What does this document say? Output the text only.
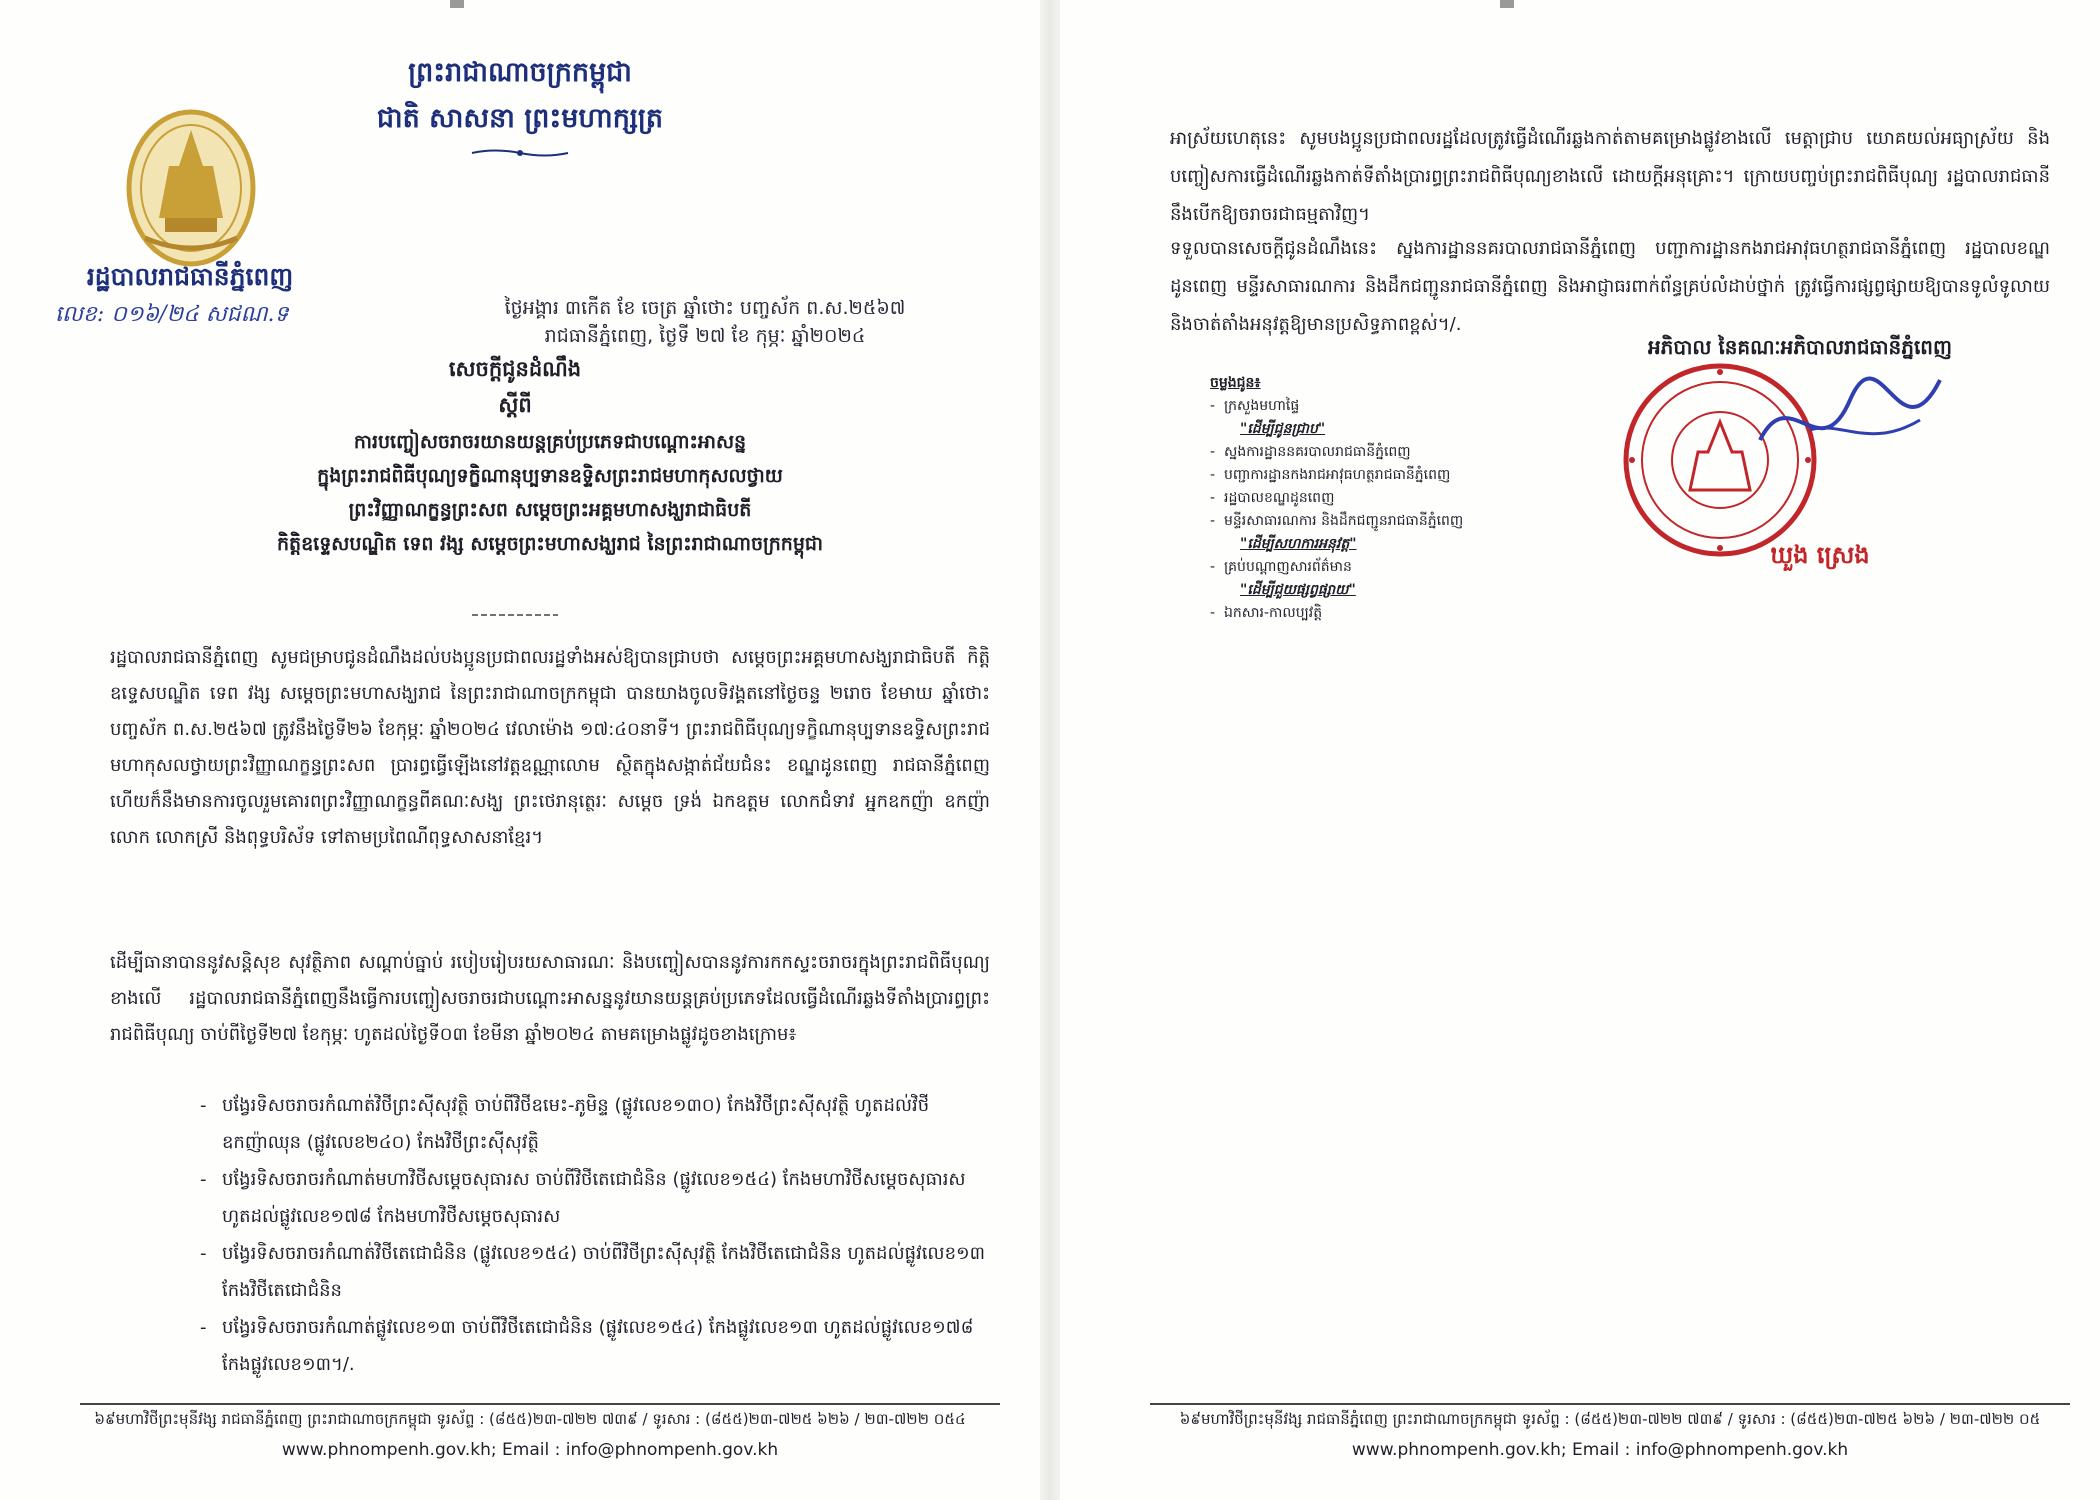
ព្រះរាជាណាចក្រកម្ពុជា
ជាតិ សាសនា ព្រះមហាក្សត្រ
រដ្ឋបាលរាជធានីភ្នំពេញ
លេខ: ០១៦/២៤ សជណ.ទ	ថ្ងៃអង្គារ ៣កើត ខែ ចេត្រ ឆ្នាំថោះ បញ្ចស័ក ព.ស.២៥៦៧
រាជធានីភ្នំពេញ, ថ្ងៃទី ២៧ ខែ កុម្ភៈ ឆ្នាំ២០២៤
សេចក្តីជូនដំណឹង
ស្តីពី
ការបញ្ចៀសចរាចរយានយន្តគ្រប់ប្រភេទជាបណ្តោះអាសន្ន
ក្នុងព្រះរាជពិធីបុណ្យទក្ខិណានុប្បទានឧទ្ទិសព្រះរាជមហាកុសលថ្វាយ
ព្រះវិញ្ញាណក្ខន្ធព្រះសព សម្តេចព្រះអគ្គមហាសង្ឃរាជាធិបតី
កិត្តិឧទ្ទេសបណ្ឌិត ទេព វង្ស សម្តេចព្រះមហាសង្ឃរាជ នៃព្រះរាជាណាចក្រកម្ពុជា
រដ្ឋបាលរាជធានីភ្នំពេញ សូមជម្រាបជូនដំណឹងដល់បងប្អូនប្រជាពលរដ្ឋទាំងអស់ឱ្យបានជ្រាបថា សម្តេចព្រះអគ្គមហាសង្ឃរាជាធិបតី កិត្តិឧទ្ទេសបណ្ឌិត ទេព វង្ស សម្តេចព្រះមហាសង្ឃរាជ នៃព្រះរាជាណាចក្រកម្ពុជា បានយាងចូលទិវង្គតនៅថ្ងៃចន្ទ ២រោច ខែមាឃ ឆ្នាំថោះ បញ្ចស័ក ព.ស.២៥៦៧ ត្រូវនឹងថ្ងៃទី២៦ ខែកុម្ភៈ ឆ្នាំ២០២៤ វេលាម៉ោង ១៧:៤០នាទី។ ព្រះរាជពិធីបុណ្យទក្ខិណានុប្បទានឧទ្ទិសព្រះរាជមហាកុសលថ្វាយព្រះវិញ្ញាណក្ខន្ធព្រះសព ប្រារព្ធធ្វើឡើងនៅវត្តឧណ្ណាលោម ស្ថិតក្នុងសង្កាត់ជ័យជំនះ ខណ្ឌដូនពេញ រាជធានីភ្នំពេញ ហើយក៏នឹងមានការចូលរួមគោរពព្រះវិញ្ញាណក្ខន្ធពីគណៈសង្ឃ ព្រះថេរានុត្ថេរៈ សម្តេច ទ្រង់ ឯកឧត្តម លោកជំទាវ អ្នកឧកញ៉ា ឧកញ៉ា លោក លោកស្រី និងពុទ្ធបរិស័ទ ទៅតាមប្រពៃណីពុទ្ធសាសនាខ្មែរ។
ដើម្បីធានាបាននូវសន្តិសុខ សុវត្ថិភាព សណ្តាប់ធ្នាប់ របៀបរៀបរយសាធារណៈ និងបញ្ចៀសបាននូវការកកស្ទះចរាចរក្នុងព្រះរាជពិធីបុណ្យខាងលើ រដ្ឋបាលរាជធានីភ្នំពេញនឹងធ្វើការបញ្ចៀសចរាចរជាបណ្តោះអាសន្ននូវយានយន្តគ្រប់ប្រភេទដែលធ្វើដំណើរឆ្លងទីតាំងប្រារព្ធព្រះរាជពិធីបុណ្យ ចាប់ពីថ្ងៃទី២៧ ខែកុម្ភៈ ហូតដល់ថ្ងៃទី០៣ ខែមីនា ឆ្នាំ២០២៤ តាមគម្រោងផ្លូវដូចខាងក្រោម៖
- បង្វែរទិសចរាចរកំណាត់វិថីព្រះស៊ីសុវត្ថិ ចាប់ពីវិថីឧមេះ-ភូមិន្ទ (ផ្លូវលេខ១៣០) កែងវិថីព្រះស៊ីសុវត្ថិ ហូតដល់វិថីឧកញ៉ាឈុន (ផ្លូវលេខ២៤០) កែងវិថីព្រះស៊ីសុវត្ថិ
- បង្វែរទិសចរាចរកំណាត់មហាវិថីសម្តេចសុធារស ចាប់ពីវិថីតេជោជំនិន (ផ្លូវលេខ១៥៤) កែងមហាវិថីសម្តេចសុធារស ហូតដល់ផ្លូវលេខ១៧៨ កែងមហាវិថីសម្តេចសុធារស
- បង្វែរទិសចរាចរកំណាត់វិថីតេជោជំនិន (ផ្លូវលេខ១៥៤) ចាប់ពីវិថីព្រះស៊ីសុវត្ថិ កែងវិថីតេជោជំនិន ហូតដល់ផ្លូវលេខ១៣ កែងវិថីតេជោជំនិន
- បង្វែរទិសចរាចរកំណាត់ផ្លូវលេខ១៣ ចាប់ពីវិថីតេជោជំនិន (ផ្លូវលេខ១៥៤) កែងផ្លូវលេខ១៣ ហូតដល់ផ្លូវលេខ១៧៨ កែងផ្លូវលេខ១៣។/.
៦៩មហាវិថីព្រះមុនីវង្ស រាជធានីភ្នំពេញ ព្រះរាជាណាចក្រកម្ពុជា ទូរស័ព្ទ : (៨៥៥)២៣-៧២២ ៧៣៩ / ទូរសារ : (៨៥៥)២៣-៧២៥ ៦២៦ / ២៣-៧២២ ០៥៤
www.phnompenh.gov.kh; Email : info@phnompenh.gov.kh
អាស្រ័យហេតុនេះ សូមបងប្អូនប្រជាពលរដ្ឋដែលត្រូវធ្វើដំណើរឆ្លងកាត់តាមគម្រោងផ្លូវខាងលើ មេត្តាជ្រាប យោគយល់អធ្យាស្រ័យ និងបញ្ចៀសការធ្វើដំណើរឆ្លងកាត់ទីតាំងប្រារព្ធព្រះរាជពិធីបុណ្យខាងលើ ដោយក្តីអនុគ្រោះ។ ក្រោយបញ្ចប់ព្រះរាជពិធីបុណ្យ រដ្ឋបាលរាជធានីនឹងបើកឱ្យចរាចរជាធម្មតាវិញ។
ទទួលបានសេចក្តីជូនដំណឹងនេះ ស្នងការដ្ឋាននគរបាលរាជធានីភ្នំពេញ បញ្ជាការដ្ឋានកងរាជអាវុធហត្ថរាជធានីភ្នំពេញ រដ្ឋបាលខណ្ឌដូនពេញ មន្ទីរសាធារណការ និងដឹកជញ្ជូនរាជធានីភ្នំពេញ និងអាជ្ញាធរពាក់ព័ន្ធគ្រប់លំដាប់ថ្នាក់ ត្រូវធ្វើការផ្សព្វផ្សាយឱ្យបានទូលំទូលាយ និងចាត់តាំងអនុវត្តឱ្យមានប្រសិទ្ធភាពខ្ពស់។/.
អភិបាល នៃគណៈអភិបាលរាជធានីភ្នំពេញ
ចម្លងជូន៖
- ក្រសួងមហាផ្ទៃ
"ដើម្បីជូនជ្រាប"
- ស្នងការដ្ឋាននគរបាលរាជធានីភ្នំពេញ
- បញ្ជាការដ្ឋានកងរាជអាវុធហត្ថរាជធានីភ្នំពេញ
- រដ្ឋបាលខណ្ឌដូនពេញ
- មន្ទីរសាធារណការ និងដឹកជញ្ជូនរាជធានីភ្នំពេញ
"ដើម្បីសហការអនុវត្ត"
- គ្រប់បណ្តាញសារព័ត៌មាន
"ដើម្បីជួយផ្សព្វផ្សាយ"
- ឯកសារ-កាលប្បវត្តិ
ឃួង ស្រេង
៦៩មហាវិថីព្រះមុនីវង្ស រាជធានីភ្នំពេញ ព្រះរាជាណាចក្រកម្ពុជា ទូរស័ព្ទ : (៨៥៥)២៣-៧២២ ៧៣៩ / ទូរសារ : (៨៥៥)២៣-៧២៥ ៦២៦ / ២៣-៧២២ ០៥
www.phnompenh.gov.kh; Email : info@phnompenh.gov.kh
